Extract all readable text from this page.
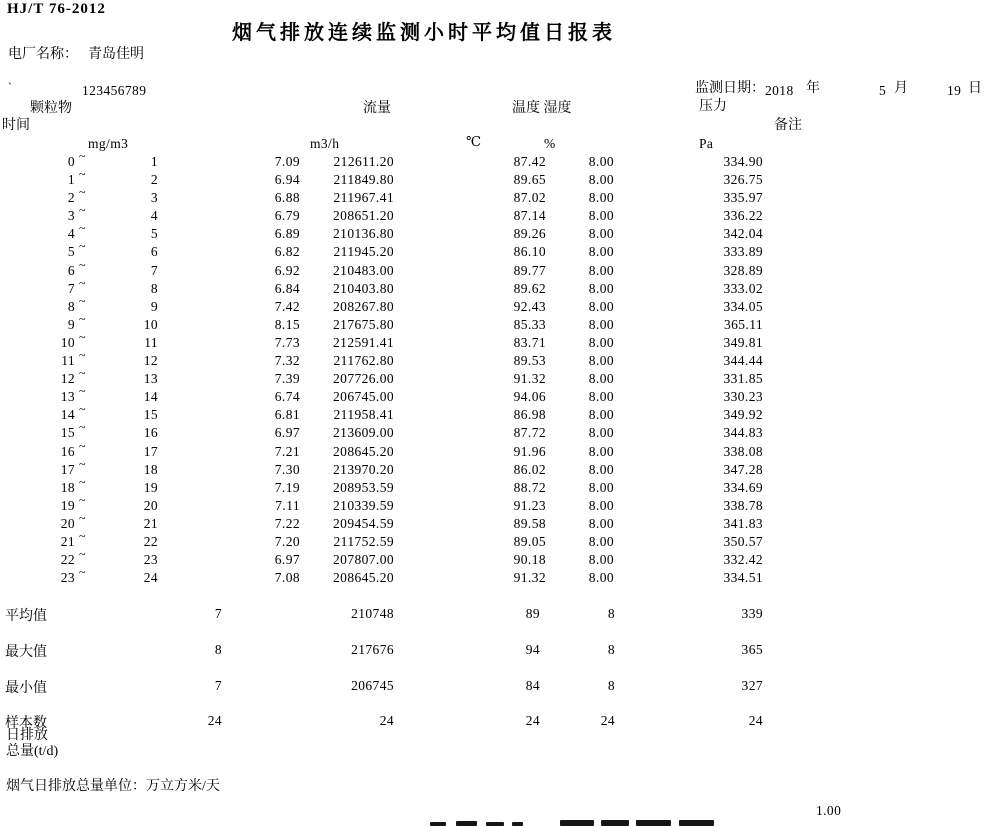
HJ/T 76-2012
烟气排放连续监测小时平均值日报表
电厂名称： 青岛佳明
`	123456789	监测日期： 2018 年	5 月	19 日
颗粒物	流量	温度 湿度	压力
时间	备注
mg/m3	m3/h	℃	%	Pa
0 ~	1	7.09	212611.20	87.42	8.00	334.90
1 ~	2	6.94	211849.80	89.65	8.00	326.75
2 ~	3	6.88	211967.41	87.02	8.00	335.97
3 ~	4	6.79	208651.20	87.14	8.00	336.22
4 ~	5	6.89	210136.80	89.26	8.00	342.04
5 ~	6	6.82	211945.20	86.10	8.00	333.89
6 ~	7	6.92	210483.00	89.77	8.00	328.89
7 ~	8	6.84	210403.80	89.62	8.00	333.02
8 ~	9	7.42	208267.80	92.43	8.00	334.05
9 ~	10	8.15	217675.80	85.33	8.00	365.11
10 ~	11	7.73	212591.41	83.71	8.00	349.81
11 ~	12	7.32	211762.80	89.53	8.00	344.44
12 ~	13	7.39	207726.00	91.32	8.00	331.85
13 ~	14	6.74	206745.00	94.06	8.00	330.23
14 ~	15	6.81	211958.41	86.98	8.00	349.92
15 ~	16	6.97	213609.00	87.72	8.00	344.83
16 ~	17	7.21	208645.20	91.96	8.00	338.08
17 ~	18	7.30	213970.20	86.02	8.00	347.28
18 ~	19	7.19	208953.59	88.72	8.00	334.69
19 ~	20	7.11	210339.59	91.23	8.00	338.78
20 ~	21	7.22	209454.59	89.58	8.00	341.83
21 ~	22	7.20	211752.59	89.05	8.00	350.57
22 ~	23	6.97	207807.00	90.18	8.00	332.42
23 ~	24	7.08	208645.20	91.32	8.00	334.51
平均值	7	210748	89	8	339
最大值	8	217676	94	8	365
最小值	7	206745	84	8	327
样本数	24	24	24	24	24
日排放
总量(t/d)
烟气日排放总量单位：万立方米/天
1.00
